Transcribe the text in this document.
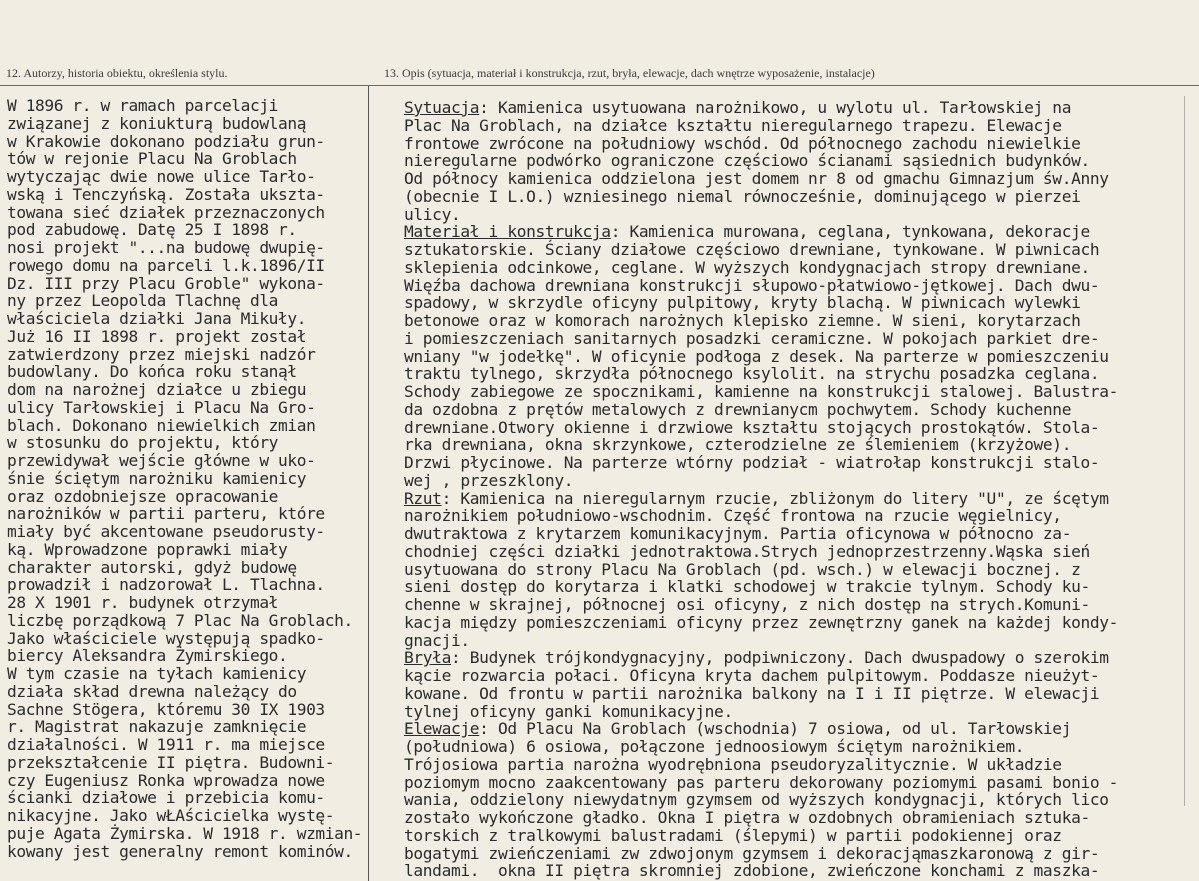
12. Autorzy, historia obiektu, określenia stylu.	13. Opis (sytuacja, materiał i konstrukcja, rzut, bryła, elewacje, dach wnętrze wyposażenie, instalacje)
W 1896 r. w ramach parcelacji
związanej z koniukturą budowlaną
w Krakowie dokonano podziału grun-
tów w rejonie Placu Na Groblach
wytyczając dwie nowe ulice Tarło-
wską i Tenczyńską. Została ukszta-
towana sieć działek przeznaczonych
pod zabudowę. Datę 25 I 1898 r.
nosi projekt "...na budowę dwupię-
rowego domu na parceli l.k.1896/II
Dz. III przy Placu Groble" wykona-
ny przez Leopolda Tlachnę dla
właściciela działki Jana Mikuły.
Już 16 II 1898 r. projekt został
zatwierdzony przez miejski nadzór
budowlany. Do końca roku stanął
dom na narożnej działce u zbiegu
ulicy Tarłowskiej i Placu Na Gro-
blach. Dokonano niewielkich zmian
w stosunku do projektu, który
przewidywał wejście główne w uko-
śnie ściętym narożniku kamienicy
oraz ozdobniejsze opracowanie
narożników w partii parteru, które
miały być akcentowane pseudorusty-
ką. Wprowadzone poprawki miały
charakter autorski, gdyż budowę
prowadził i nadzorował L. Tlachna.
28 X 1901 r. budynek otrzymał
liczbę porządkową 7 Plac Na Groblach.
Jako właściciele występują spadko-
biercy Aleksandra Żymirskiego.
W tym czasie na tyłach kamienicy
działa skład drewna należący do
Sachne Stögera, któremu 30 IX 1903
r. Magistrat nakazuje zamknięcie
działalności. W 1911 r. ma miejsce
przekształcenie II piętra. Budowni-
czy Eugeniusz Ronka wprowadza nowe
ścianki działowe i przebicia komu-
nikacyjne. Jako wŁAścicielka wystę-
puje Agata Żymirska. W 1918 r. wzmian-
kowany jest generalny remont kominów.
Sytuacja: Kamienica usytuowana narożnikowo, u wylotu ul. Tarłowskiej na
Plac Na Groblach, na działce kształtu nieregularnego trapezu. Elewacje
frontowe zwrócone na południowy wschód. Od północnego zachodu niewielkie
nieregularne podwórko ograniczone częściowo ścianami sąsiednich budynków.
Od północy kamienica oddzielona jest domem nr 8 od gmachu Gimnazjum św.Anny
(obecnie I L.O.) wzniesinego niemal równocześnie, dominującego w pierzei
ulicy.
Materiał i konstrukcja: Kamienica murowana, ceglana, tynkowana, dekoracje
sztukatorskie. Ściany działowe częściowo drewniane, tynkowane. W piwnicach
sklepienia odcinkowe, ceglane. W wyższych kondygnacjach stropy drewniane.
Więźba dachowa drewniana konstrukcji słupowo-płatwiowo-jętkowej. Dach dwu-
spadowy, w skrzydle oficyny pulpitowy, kryty blachą. W piwnicach wylewki
betonowe oraz w komorach narożnych klepisko ziemne. W sieni, korytarzach
i pomieszczeniach sanitarnych posadzki ceramiczne. W pokojach parkiet dre-
wniany "w jodełkę". W oficynie podłoga z desek. Na parterze w pomieszczeniu
traktu tylnego, skrzydła północnego ksylolit. na strychu posadzka ceglana.
Schody zabiegowe ze spocznikami, kamienne na konstrukcji stalowej. Balustra-
da ozdobna z prętów metalowych z drewnianycm pochwytem. Schody kuchenne
drewniane.Otwory okienne i drzwiowe kształtu stojących prostokątów. Stola-
rka drewniana, okna skrzynkowe, czterodzielne ze ślemieniem (krzyżowe).
Drzwi płycinowe. Na parterze wtórny podział - wiatrołap konstrukcji stalo-
wej , przeszklony.
Rzut: Kamienica na nieregularnym rzucie, zbliżonym do litery "U", ze ścętym
narożnikiem południowo-wschodnim. Część frontowa na rzucie węgielnicy,
dwutraktowa z krytarzem komunikacyjnym. Partia oficynowa w północno za-
chodniej części działki jednotraktowa.Strych jednoprzestrzenny.Wąska sień
usytuowana do strony Placu Na Groblach (pd. wsch.) w elewacji bocznej. z
sieni dostęp do korytarza i klatki schodowej w trakcie tylnym. Schody ku-
chenne w skrajnej, północnej osi oficyny, z nich dostęp na strych.Komuni-
kacja między pomieszczeniami oficyny przez zewnętrzny ganek na każdej kondy-
gnacji.
Bryła: Budynek trójkondygnacyjny, podpiwniczony. Dach dwuspadowy o szerokim
kącie rozwarcia połaci. Oficyna kryta dachem pulpitowym. Poddasze nieużyt-
kowane. Od frontu w partii narożnika balkony na I i II piętrze. W elewacji
tylnej oficyny ganki komunikacyjne.
Elewacje: Od Placu Na Groblach (wschodnia) 7 osiowa, od ul. Tarłowskiej
(południowa) 6 osiowa, połączone jednoosiowym ściętym narożnikiem.
Trójosiowa partia narożna wyodrębniona pseudoryzalitycznie. W układzie
poziomym mocno zaakcentowany pas parteru dekorowany poziomymi pasami bonio -
wania, oddzielony niewydatnym gzymsem od wyższych kondygnacji, których lico
zostało wykończone gładko. Okna I piętra w ozdobnych obramieniach sztuka-
torskich z tralkowymi balustradami (ślepymi) w partii podokiennej oraz
bogatymi zwieńczeniami zw zdwojonym gzymsem i dekoracjąmaszkaronową z gir-
landami.  okna II piętra skromniej zdobione, zwieńczone konchami z maszka-
